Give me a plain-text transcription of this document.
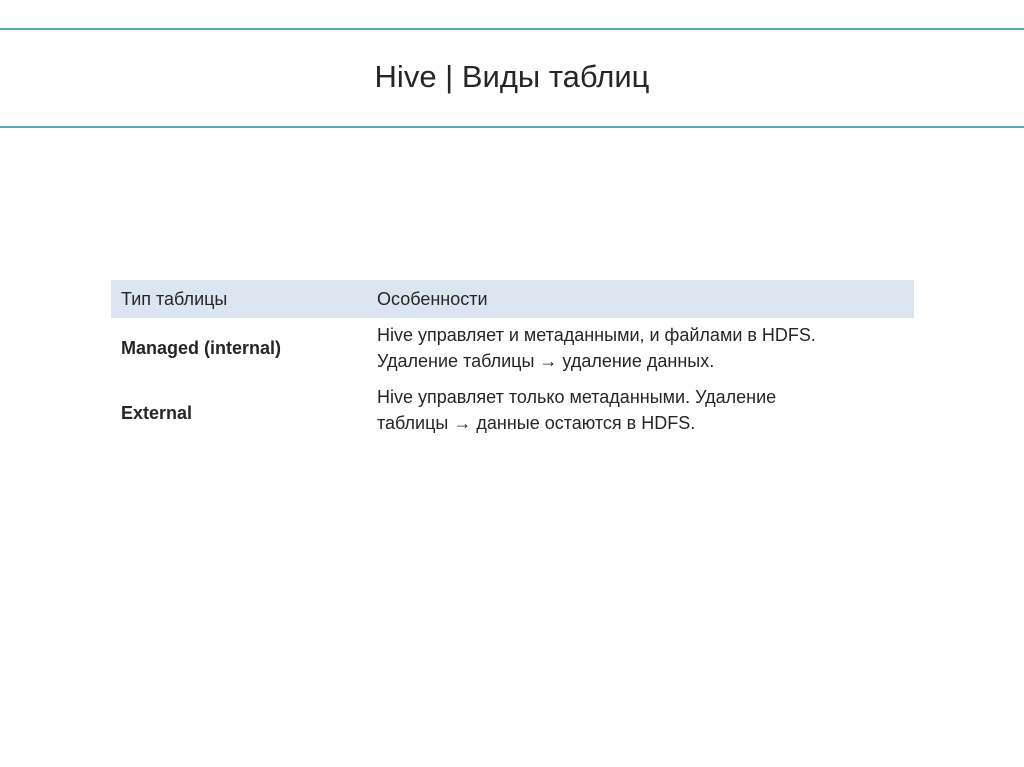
Hive | Виды таблиц
Тип таблицы	Особенности
Managed (internal)	Hive управляет и метаданными, и файлами в HDFS.
Удаление таблицы → удаление данных.

External	Hive управляет только метаданными. Удаление
таблицы → данные остаются в HDFS.
